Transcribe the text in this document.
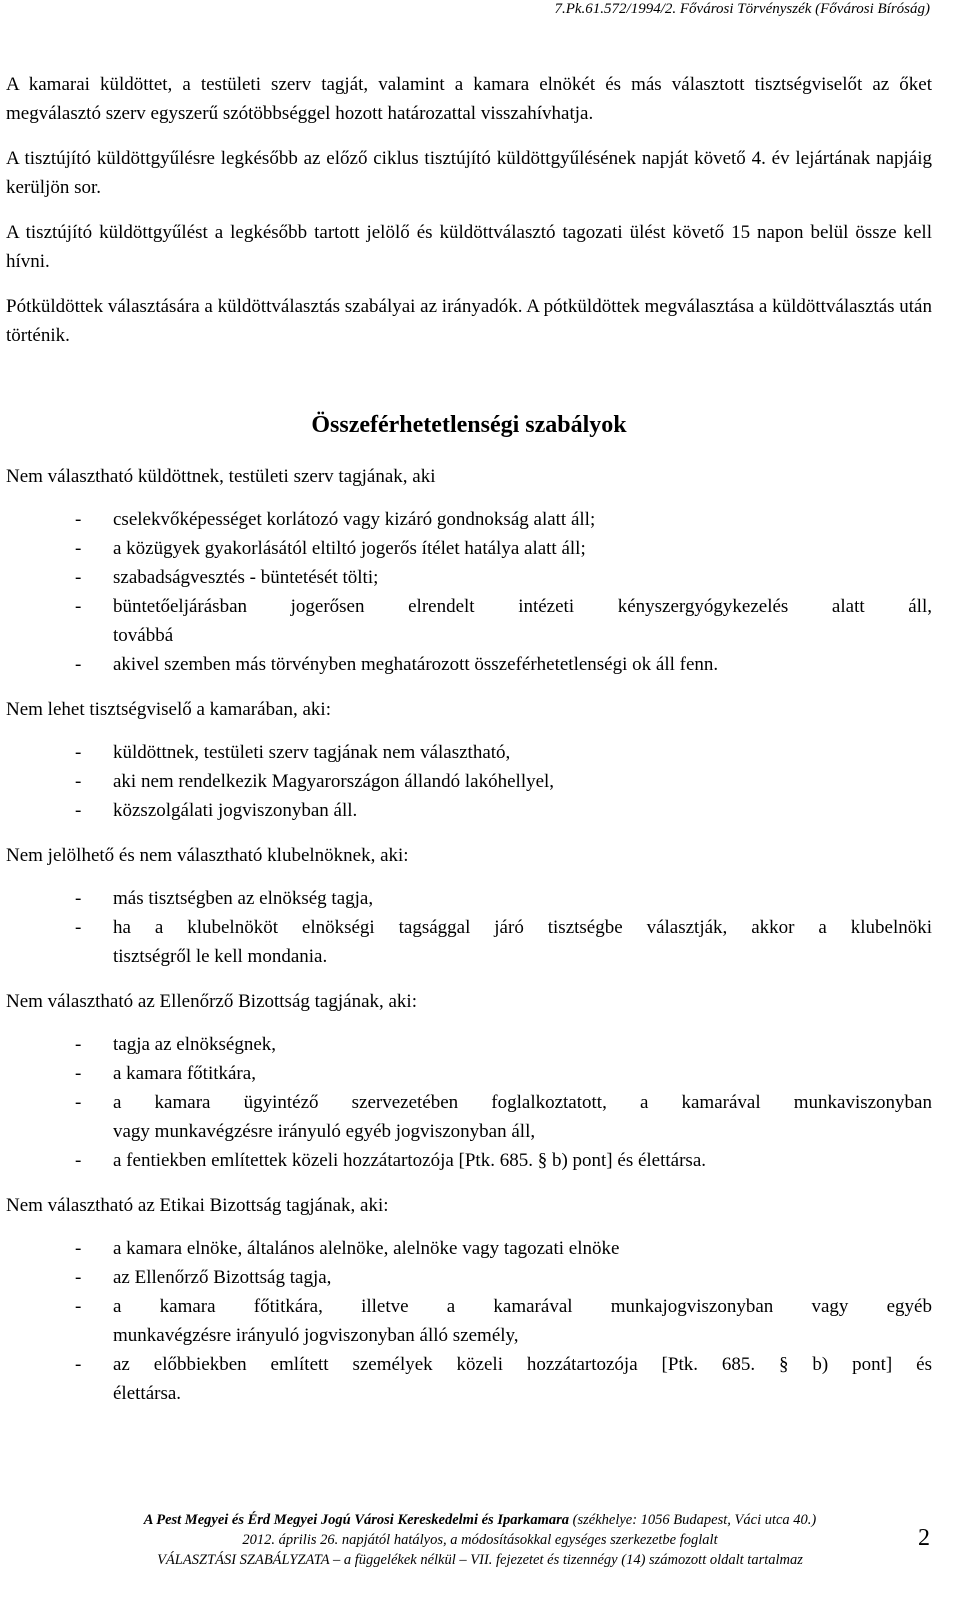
7.Pk.61.572/1994/2. Fővárosi Törvényszék (Fővárosi Bíróság)

A kamarai küldöttet, a testületi szerv tagját, valamint a kamara elnökét és más választott tisztségviselőt az őket megválasztó szerv egyszerű szótöbbséggel hozott határozattal visszahívhatja.

A tisztújító küldöttgyűlésre legkésőbb az előző ciklus tisztújító küldöttgyűlésének napját követő 4. év lejártának napjáig kerüljön sor.

A tisztújító küldöttgyűlést a legkésőbb tartott jelölő és küldöttválasztó tagozati ülést követő 15 napon belül össze kell hívni.

Pótküldöttek választására a küldöttválasztás szabályai az irányadók. A pótküldöttek megválasztása a küldöttválasztás után történik.

Összeférhetetlenségi szabályok

Nem választható küldöttnek, testületi szerv tagjának, aki

- cselekvőképességet korlátozó vagy kizáró gondnokság alatt áll;
- a közügyek gyakorlásától eltiltó jogerős ítélet hatálya alatt áll;
- szabadságvesztés - büntetését tölti;
- büntetőeljárásban jogerősen elrendelt intézeti kényszergyógykezelés alatt áll,
továbbá
- akivel szemben más törvényben meghatározott összeférhetetlenségi ok áll fenn.

Nem lehet tisztségviselő a kamarában, aki:

- küldöttnek, testületi szerv tagjának nem választható,
- aki nem rendelkezik Magyarországon állandó lakóhellyel,
- közszolgálati jogviszonyban áll.

Nem jelölhető és nem választható klubelnöknek, aki:

- más tisztségben az elnökség tagja,
- ha a klubelnököt elnökségi tagsággal járó tisztségbe választják, akkor a klubelnöki
tisztségről le kell mondania.

Nem választható az Ellenőrző Bizottság tagjának, aki:

- tagja az elnökségnek,
- a kamara főtitkára,
- a kamara ügyintéző szervezetében foglalkoztatott, a kamarával munkaviszonyban
vagy munkavégzésre irányuló egyéb jogviszonyban áll,
- a fentiekben említettek közeli hozzátartozója [Ptk. 685. § b) pont] és élettársa.

Nem választható az Etikai Bizottság tagjának, aki:

- a kamara elnöke, általános alelnöke, alelnöke vagy tagozati elnöke
- az Ellenőrző Bizottság tagja,
- a kamara főtitkára, illetve a kamarával munkajogviszonyban vagy egyéb
munkavégzésre irányuló jogviszonyban álló személy,
- az előbbiekben említett személyek közeli hozzátartozója [Ptk. 685. § b) pont] és
élettársa.
A Pest Megyei és Érd Megyei Jogú Városi Kereskedelmi és Iparkamara (székhelye: 1056 Budapest, Váci utca 40.)
2012. április 26. napjától hatályos, a módosításokkal egységes szerkezetbe foglalt
VÁLASZTÁSI SZABÁLYZATA – a függelékek nélkül – VII. fejezetet és tizennégy (14) számozott oldalt tartalmaz
2
